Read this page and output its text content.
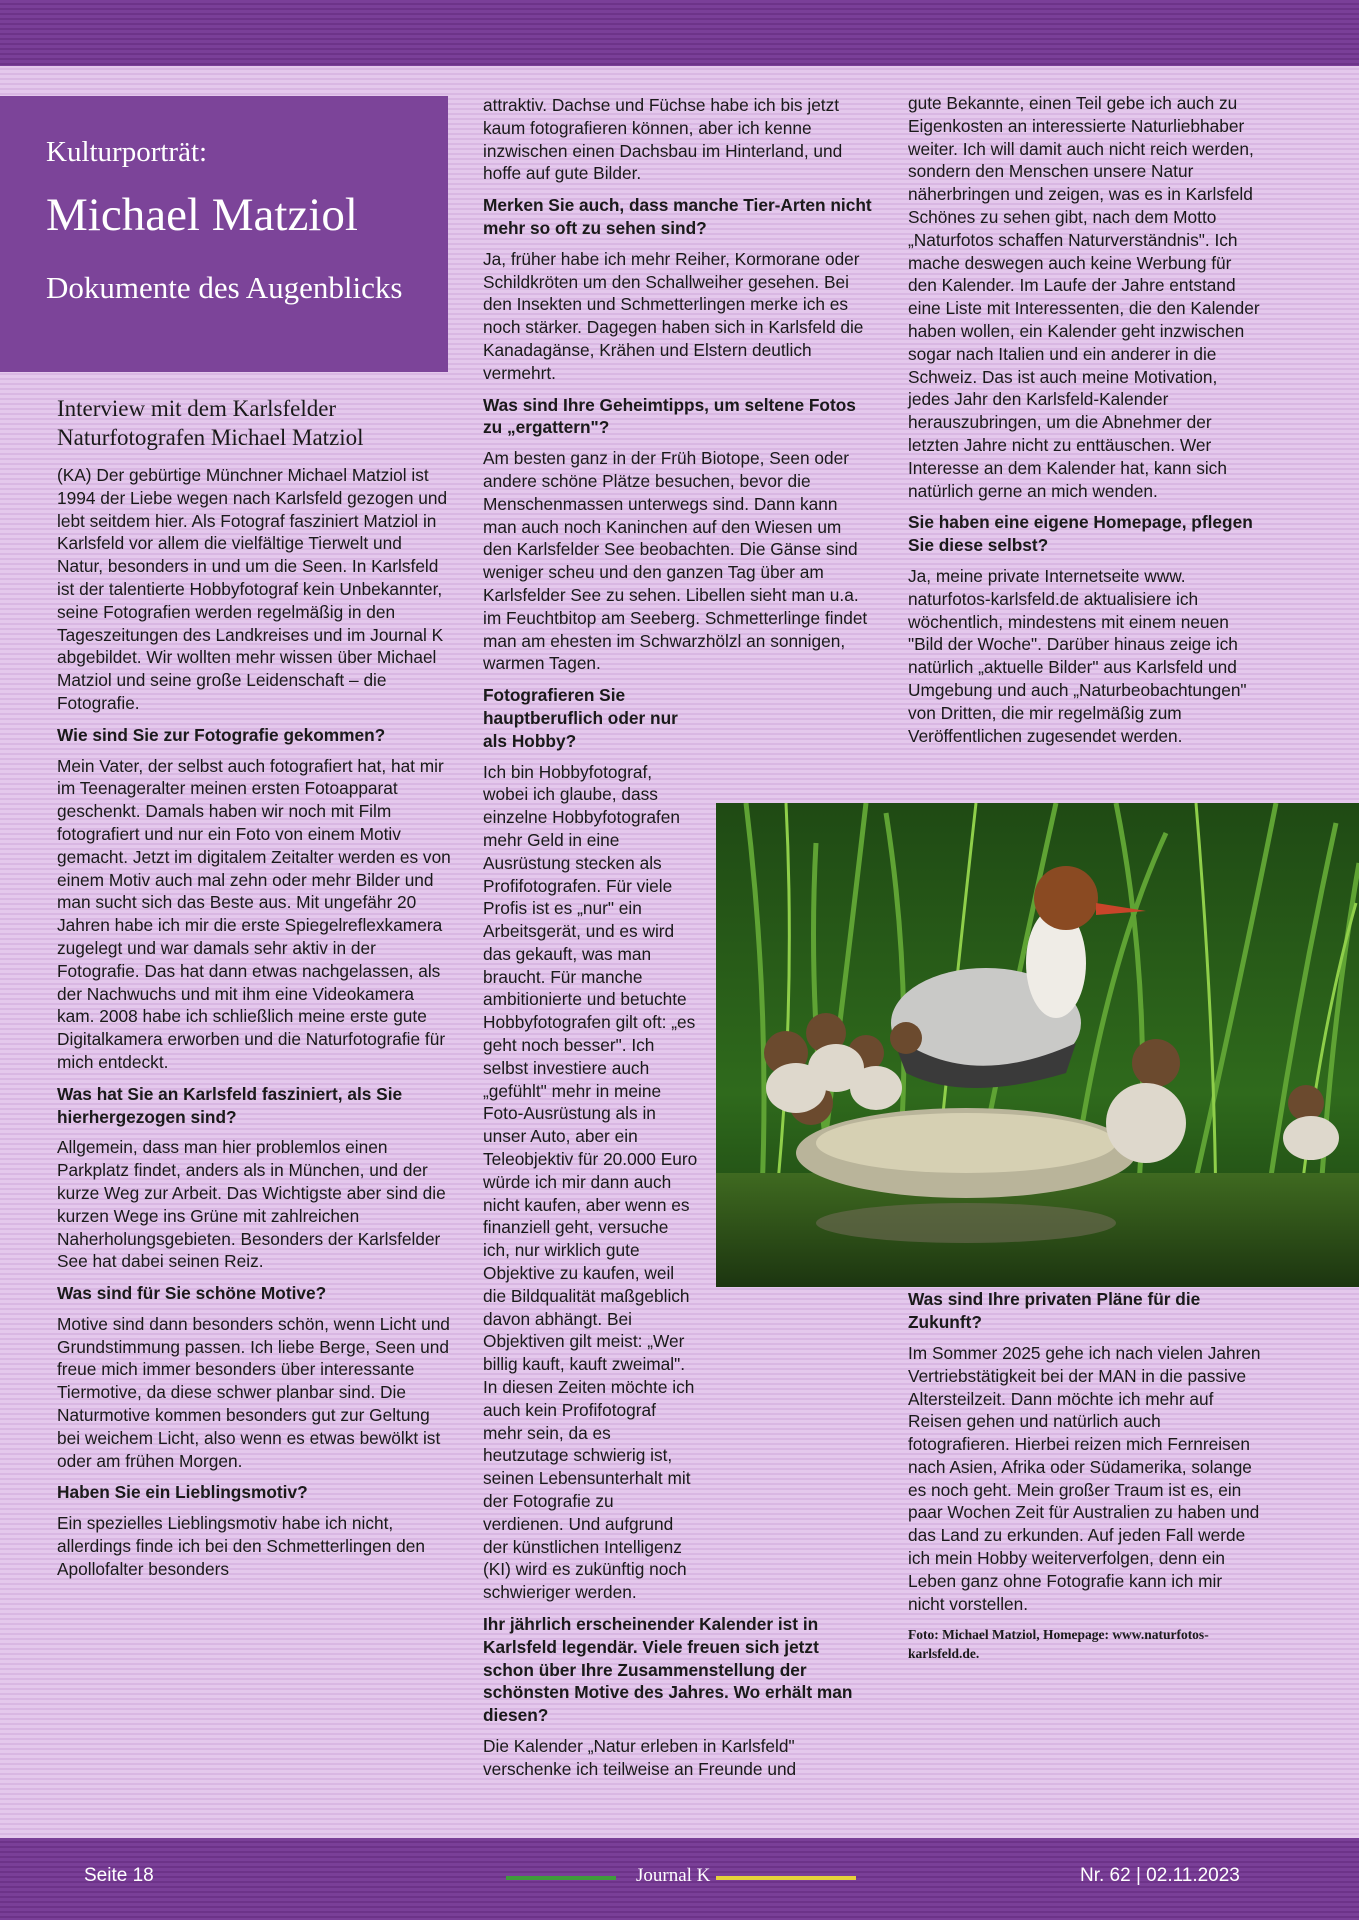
Kulturporträt:
Michael Matziol
Dokumente des Augenblicks
Interview mit dem Karlsfelder Naturfotografen Michael Matziol

(KA) Der gebürtige Münchner Michael Matziol ist 1994 der Liebe wegen nach Karlsfeld gezogen und lebt seitdem hier. Als Fotograf fasziniert Matziol in Karlsfeld vor allem die vielfältige Tierwelt und Natur, besonders in und um die Seen. In Karlsfeld ist der talentierte Hobbyfotograf kein Unbekannter, seine Fotografien werden regelmäßig in den Tageszeitungen des Landkreises und im Journal K abgebildet. Wir wollten mehr wissen über Michael Matziol und seine große Leidenschaft – die Fotografie.

Wie sind Sie zur Fotografie gekommen?

Mein Vater, der selbst auch fotografiert hat, hat mir im Teenageralter meinen ersten Fotoapparat geschenkt. Damals haben wir noch mit Film fotografiert und nur ein Foto von einem Motiv gemacht. Jetzt im digitalem Zeitalter werden es von einem Motiv auch mal zehn oder mehr Bilder und man sucht sich das Beste aus. Mit ungefähr 20 Jahren habe ich mir die erste Spiegelreflexkamera zugelegt und war damals sehr aktiv in der Fotografie. Das hat dann etwas nachgelassen, als der Nachwuchs und mit ihm eine Videokamera kam. 2008 habe ich schließlich meine erste gute Digitalkamera erworben und die Naturfotografie für mich entdeckt.

Was hat Sie an Karlsfeld fasziniert, als Sie hierhergezogen sind?

Allgemein, dass man hier problemlos einen Parkplatz findet, anders als in München, und der kurze Weg zur Arbeit. Das Wichtigste aber sind die kurzen Wege ins Grüne mit zahlreichen Naherholungsgebieten. Besonders der Karlsfelder See hat dabei seinen Reiz.

Was sind für Sie schöne Motive?

Motive sind dann besonders schön, wenn Licht und Grundstimmung passen. Ich liebe Berge, Seen und freue mich immer besonders über interessante Tiermotive, da diese schwer planbar sind. Die Naturmotive kommen besonders gut zur Geltung bei weichem Licht, also wenn es etwas bewölkt ist oder am frühen Morgen.

Haben Sie ein Lieblingsmotiv?

Ein spezielles Lieblingsmotiv habe ich nicht, allerdings finde ich bei den Schmetterlingen den Apollofalter besonders

attraktiv. Dachse und Füchse habe ich bis jetzt kaum fotografieren können, aber ich kenne inzwischen einen Dachsbau im Hinterland, und hoffe auf gute Bilder.

Merken Sie auch, dass manche Tier-Arten nicht mehr so oft zu sehen sind?

Ja, früher habe ich mehr Reiher, Kormorane oder Schildkröten um den Schallweiher gesehen. Bei den Insekten und Schmetterlingen merke ich es noch stärker. Dagegen haben sich in Karlsfeld die Kanadagänse, Krähen und Elstern deutlich vermehrt.

Was sind Ihre Geheimtipps, um seltene Fotos zu „ergattern"?

Am besten ganz in der Früh Biotope, Seen oder andere schöne Plätze besuchen, bevor die Menschenmassen unterwegs sind. Dann kann man auch noch Kaninchen auf den Wiesen um den Karlsfelder See beobachten. Die Gänse sind weniger scheu und den ganzen Tag über am Karlsfelder See zu sehen. Libellen sieht man u.a. im Feuchtbitop am Seeberg. Schmetterlinge findet man am ehesten im Schwarzhölzl an sonnigen, warmen Tagen.

Fotografieren Sie hauptberuflich oder nur als Hobby?

Ich bin Hobbyfotograf, wobei ich glaube, dass einzelne Hobbyfotografen mehr Geld in eine Ausrüstung stecken als Profifotografen. Für viele Profis ist es „nur" ein Arbeitsgerät, und es wird das gekauft, was man braucht. Für manche ambitionierte und betuchte Hobbyfotografen gilt oft: „es geht noch besser". Ich selbst investiere auch „gefühlt" mehr in meine Foto-Ausrüstung als in unser Auto, aber ein Teleobjektiv für 20.000 Euro würde ich mir dann auch nicht kaufen, aber wenn es finanziell geht, versuche ich, nur wirklich gute Objektive zu kaufen, weil die Bildqualität maßgeblich davon abhängt. Bei Objektiven gilt meist: „Wer billig kauft, kauft zweimal". In diesen Zeiten möchte ich auch kein Profifotograf mehr sein, da es heutzutage schwierig ist, seinen Lebensunterhalt mit der Fotografie zu verdienen. Und aufgrund der künstlichen Intelligenz (KI) wird es zukünftig noch schwieriger werden.

Ihr jährlich erscheinender Kalender ist in Karlsfeld legendär. Viele freuen sich jetzt schon über Ihre Zusammenstellung der schönsten Motive des Jahres. Wo erhält man diesen?

Die Kalender „Natur erleben in Karlsfeld" verschenke ich teilweise an Freunde und

gute Bekannte, einen Teil gebe ich auch zu Eigenkosten an interessierte Naturliebhaber weiter. Ich will damit auch nicht reich werden, sondern den Menschen unsere Natur näherbringen und zeigen, was es in Karlsfeld Schönes zu sehen gibt, nach dem Motto „Naturfotos schaffen Naturverständnis". Ich mache deswegen auch keine Werbung für den Kalender. Im Laufe der Jahre entstand eine Liste mit Interessenten, die den Kalender haben wollen, ein Kalender geht inzwischen sogar nach Italien und ein anderer in die Schweiz. Das ist auch meine Motivation, jedes Jahr den Karlsfeld-Kalender herauszubringen, um die Abnehmer der letzten Jahre nicht zu enttäuschen. Wer Interesse an dem Kalender hat, kann sich natürlich gerne an mich wenden.

Sie haben eine eigene Homepage, pflegen Sie diese selbst?

Ja, meine private Internetseite www. naturfotos-karlsfeld.de aktualisiere ich wöchentlich, mindestens mit einem neuen "Bild der Woche". Darüber hinaus zeige ich natürlich „aktuelle Bilder" aus Karlsfeld und Umgebung und auch „Naturbeobachtungen" von Dritten, die mir regelmäßig zum Veröffentlichen zugesendet werden.

Was sind Ihre privaten Pläne für die Zukunft?

Im Sommer 2025 gehe ich nach vielen Jahren Vertriebstätigkeit bei der MAN in die passive Altersteilzeit. Dann möchte ich mehr auf Reisen gehen und natürlich auch fotografieren. Hierbei reizen mich Fernreisen nach Asien, Afrika oder Südamerika, solange es noch geht. Mein großer Traum ist es, ein paar Wochen Zeit für Australien zu haben und das Land zu erkunden. Auf jeden Fall werde ich mein Hobby weiterverfolgen, denn ein Leben ganz ohne Fotografie kann ich mir nicht vorstellen.

Foto: Michael Matziol, Homepage: www.naturfotos-karlsfeld.de.

Seite 18	Journal K	Nr. 62 | 02.11.2023
